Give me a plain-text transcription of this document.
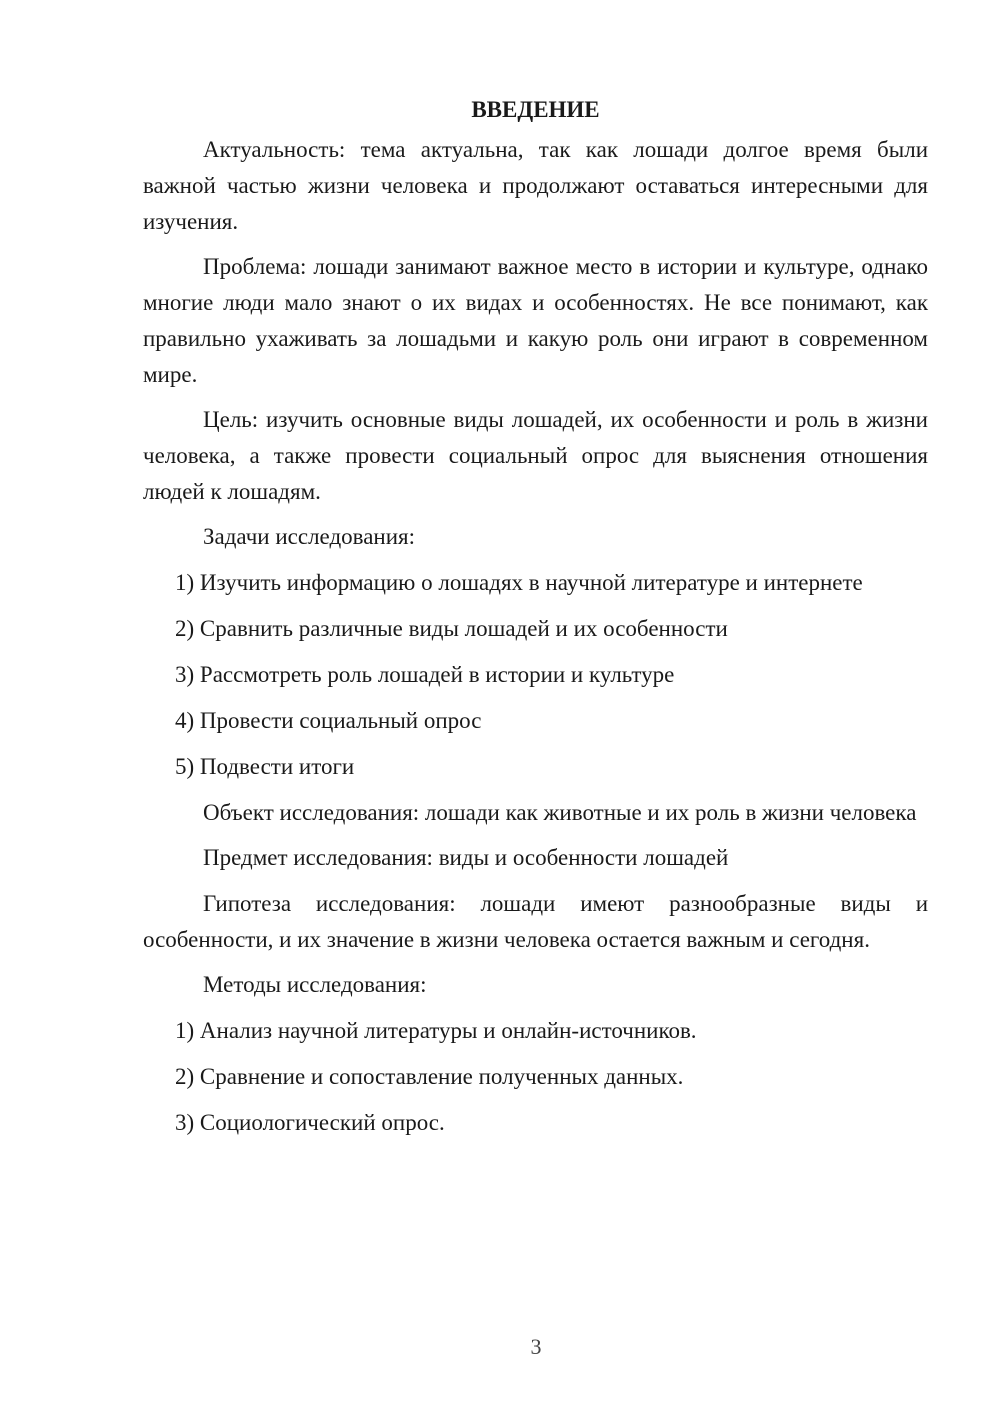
ВВЕДЕНИЕ

Актуальность: тема актуальна, так как лошади долгое время были важной частью жизни человека и продолжают оставаться интересными для изучения.

Проблема: лошади занимают важное место в истории и культуре, однако многие люди мало знают о их видах и особенностях. Не все понимают, как правильно ухаживать за лошадьми и какую роль они играют в современном мире.

Цель: изучить основные виды лошадей, их особенности и роль в жизни человека, а также провести социальный опрос для выяснения отношения людей к лошадям.

Задачи исследования:

1) Изучить информацию о лошадях в научной литературе и интернете
2) Сравнить различные виды лошадей и их особенности
3) Рассмотреть роль лошадей в истории и культуре
4) Провести социальный опрос
5) Подвести итоги

Объект исследования: лошади как животные и их роль в жизни человека

Предмет исследования: виды и особенности лошадей

Гипотеза исследования: лошади имеют разнообразные виды и особенности, и их значение в жизни человека остается важным и сегодня.

Методы исследования:

1) Анализ научной литературы и онлайн-источников.
2) Сравнение и сопоставление полученных данных.
3) Социологический опрос.
3
